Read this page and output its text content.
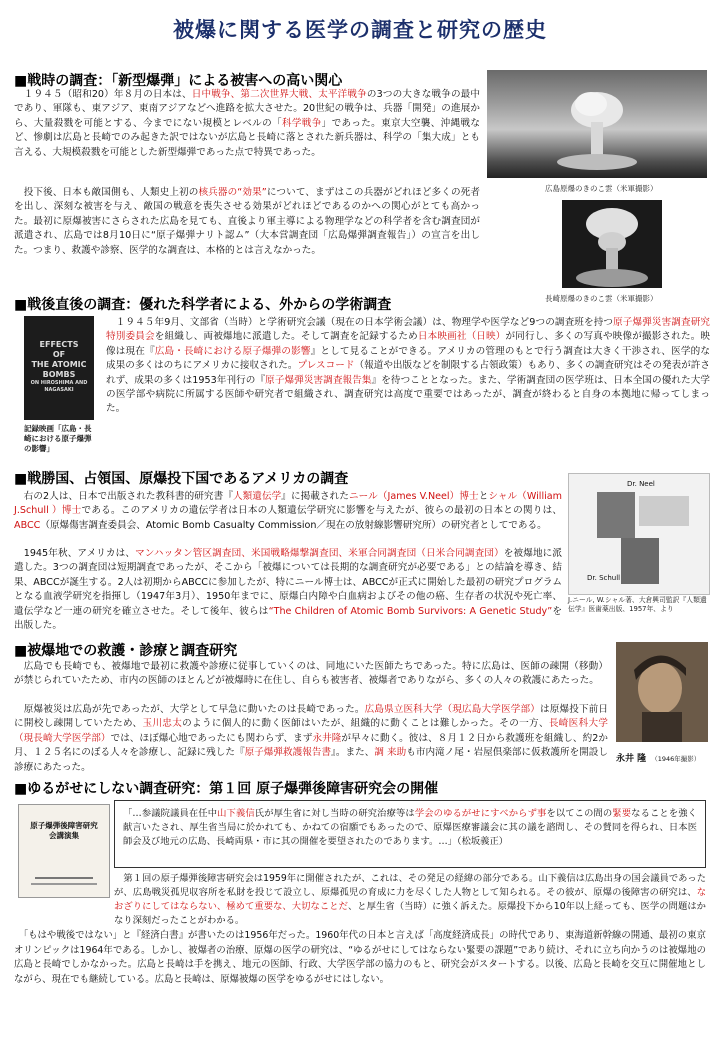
被爆に関する医学の調査と研究の歴史
■戦時の調査：「新型爆弾」による被害への高い関心
　１９４５（昭和20）年８月の日本は、日中戦争、第二次世界大戦、太平洋戦争の3つの大きな戦争の最中であり、軍隊も、東アジア、東南アジアなどへ進路を拡大させた。20世紀の戦争は、兵器「開発」の進展から、大量殺戮を可能とする、今までにない規模とレベルの「科学戦争」であった。東京大空襲、沖縄戦など、惨劇は広島と長崎でのみ起きた訳ではないが広島と長崎に落とされた新兵器は、科学の「集大成」とも言える、大規模殺戮を可能とした新型爆弾であった点で特異であった。
　投下後、日本も敵国側も、人類史上初の核兵器の“効果”について、まずはこの兵器がどれほど多くの死者を出し、深刻な被害を与え、敵国の戦意を喪失させる効果がどれほどであるのかへの関心がとても高かった。最初に原爆被害にさらされた広島を見ても、直後より軍主導による物理学などの科学者を含む調査団が派遣され、広島では8月10日に“原子爆弾ナリト認ム”（大本営調査団「広島爆弾調査報告」）の宣言を出した。つまり、救護や診察、医学的な調査は、本格的とは言えなかった。
広島原爆のきのこ雲（米軍撮影）
長崎原爆のきのこ雲（米軍撮影）
■戦後直後の調査：優れた科学者による、外からの学術調査
EFFECTS
OF
THE ATOMIC BOMBS
ON HIROSHIMA AND NAGASAKI
記録映画「広島・長崎における原子爆弾の影響」
　１９４５年9月、文部省（当時）と学術研究会議（現在の日本学術会議）は、物理学や医学など9つの調査班を持つ原子爆弾災害調査研究特別委員会を組織し、両被爆地に派遣した。そして調査を記録するため日本映画社（日映）が同行し、多くの写真や映像が撮影された。映像は現在『広島・長崎における原子爆弾の影響』として見ることができる。アメリカの管理のもとで行う調査は大きく干渉され、医学的な成果の多くはのちにアメリカに接収された。プレスコード（報道や出版などを制限する占領政策）もあり、多くの調査研究はその発表が許されず、成果の多くは1953年刊行の『原子爆弾災害調査報告集』を待つこととなった。また、学術調査団の医学班は、日本全国の優れた大学の医学部や病院に所属する医師や研究者で組織され、調査研究は高度で重要ではあったが、調査が終わると自身の本拠地に帰ってしまった。
■戦勝国、占領国、原爆投下国であるアメリカの調査
　右の2人は、日本で出版された教科書的研究書『人類遺伝学』に掲載されたニール（James V.Neel）博士とシャル（William J.Schull ）博士である。このアメリカの遺伝学者は日本の人類遺伝学研究に影響を与えたが、彼らの最初の日本との関りは、ABCC（原爆傷害調査委員会、Atomic Bomb Casualty Commission／現在の放射線影響研究所）の研究者としてである。
　1945年秋、アメリカは、マンハッタン管区調査団、米国戦略爆撃調査団、米軍合同調査団（日米合同調査団）を被爆地に派遣した。3つの調査団は短期調査であったが、そこから「被爆については長期的な調査研究が必要である」との結論を導き、結果、ABCCが誕生する。2人は初期からABCCに参加したが、特にニール博士は、ABCCが正式に開始した最初の研究プログラムとなる血液学研究を指揮し（1947年3月）、1950年までに、原爆白内障や白血病およびその他の癌、生存者の状況や死亡率、遺伝学など一連の研究を確立させた。そして後年、彼らは“The Children of Atomic Bomb Survivors: A Genetic Study”を出版した。
Dr. Neel
Dr. Schull
J.ニール, W.シャル著、大倉興司監訳『人類遺伝学』医歯薬出版、1957年、より
■被爆地での救護・診療と調査研究
　広島でも長崎でも、被爆地で最初に救護や診療に従事していくのは、同地にいた医師たちであった。特に広島は、医師の疎開（移動）が禁じられていたため、市内の医師のほとんどが被爆時に在住し、自らも被害者、被爆者でありながら、多くの人々の救護にあたった。
　原爆被災は広島が先であったが、大学として早急に動いたのは長崎であった。広島県立医科大学（現広島大学医学部）は原爆投下前日に開校し疎開していたため、玉川忠太のように個人的に動く医師はいたが、組織的に動くことは難しかった。その一方、長崎医科大学（現長崎大学医学部）では、ほぼ爆心地であったにも関わらず、まず永井隆が早々に動く。彼は、８月１２日から救護班を組織し、約2か月、１２５名にのぼる人々を診療し、記録に残した『原子爆弾救護報告書』。また、調 来助も市内滝ノ尾・岩屋倶楽部に仮救護所を開設し診療にあたった。
永井 隆 （1946年撮影）
■ゆるがせにしない調査研究：第１回 原子爆弾後障害研究会の開催
原子爆弾後障害研究会講演集
「…参議院議員在任中山下義信氏が厚生省に対し当時の研究治療等は学会のゆるがせにすべからず事を以てこの間の緊要なることを強く献言いたされ、厚生省当局に於かれても、かねての宿願でもあったので、原爆医療審議会に其の議を諮問し、その賛同を得られ、日本医師会及び地元の広島、長崎両県・市に其の開催を要望されたのであります。…」（松坂義正）
　第１回の原子爆弾後障害研究会は1959年に開催されたが、これは、その発足の経緯の部分である。山下義信は広島出身の国会議員であったが、広島戦災孤児収容所を私財を投じて設立し、原爆孤児の育成に力を尽くした人物として知られる。その彼が、原爆の後障害の研究は、なおざりにしてはならない、極めて重要な、大切なことだ、と厚生省（当時）に強く訴えた。原爆投下から10年以上経っても、医学の問題はかなり深刻だったことがわかる。
　「もはや戦後ではない」と『経済白書』が書いたのは1956年だった。1960年代の日本と言えば「高度経済成長」の時代であり、東海道新幹線の開通、最初の東京オリンピックは1964年である。しかし、被爆者の治療、原爆の医学の研究は、“ゆるがせにしてはならない緊要の課題”であり続け、それに立ち向かうのは被爆地の広島と長崎でしかなかった。広島と長崎は手を携え、地元の医師、行政、大学医学部の協力のもと、研究会がスタートする。以後、広島と長崎を交互に開催地としながら、現在でも継続している。広島と長崎は、原爆被爆の医学をゆるがせにはしない。
